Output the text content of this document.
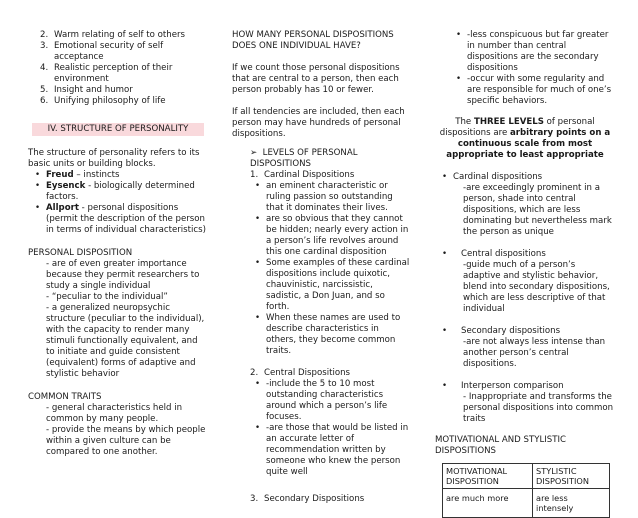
2. Warm relating of self to others
3. Emotional security of self acceptance
4. Realistic perception of their environment
5. Insight and humor
6. Unifying philosophy of life

IV. STRUCTURE OF PERSONALITY

The structure of personality refers to its basic units or building blocks.

• Freud – instincts
• Eysenck - biologically determined factors.
• Allport - personal dispositions (permit the description of the person in terms of individual characteristics)

PERSONAL DISPOSITION

- are of even greater importance because they permit researchers to study a single individual

- “peculiar to the individual”

- a generalized neuropsychic structure (peculiar to the individual), with the capacity to render many stimuli functionally equivalent, and to initiate and guide consistent (equivalent) forms of adaptive and stylistic behavior

COMMON TRAITS

- general characteristics held in common by many people.

- provide the means by which people within a given culture can be compared to one another.

HOW MANY PERSONAL DISPOSITIONS DOES ONE INDIVIDUAL HAVE?

If we count those personal dispositions that are central to a person, then each person probably has 10 or fewer.

If all tendencies are included, then each person may have hundreds of personal dispositions.

➢ LEVELS OF PERSONAL DISPOSITIONS

1. Cardinal Dispositions
• an eminent characteristic or ruling passion so outstanding that it dominates their lives.
• are so obvious that they cannot be hidden; nearly every action in a person’s life revolves around this one cardinal disposition
• Some examples of these cardinal dispositions include quixotic, chauvinistic, narcissistic, sadistic, a Don Juan, and so forth.
• When these names are used to describe characteristics in others, they become common traits.
2. Central Dispositions
• -include the 5 to 10 most outstanding characteristics around which a person’s life focuses.
• -are those that would be listed in an accurate letter of recommendation written by someone who knew the person quite well
3. Secondary Dispositions
• -less conspicuous but far greater in number than central dispositions are the secondary dispositions
• -occur with some regularity and are responsible for much of one’s specific behaviors.

The THREE LEVELS of personal dispositions are arbitrary points on a continuous scale from most appropriate to least appropriate

• Cardinal dispositions

-are exceedingly prominent in a person, shade into central dispositions, which are less dominating but nevertheless mark the person as unique

• Central dispositions

-guide much of a person’s adaptive and stylistic behavior, blend into secondary dispositions, which are less descriptive of that individual

• Secondary dispositions

-are not always less intense than another person’s central dispositions.

• Interperson comparison

- Inappropriate and transforms the personal dispositions into common traits

MOTIVATIONAL AND STYLISTIC DISPOSITIONS

MOTIVATIONAL DISPOSITION	STYLISTIC DISPOSITION
are much more	are less intensely
